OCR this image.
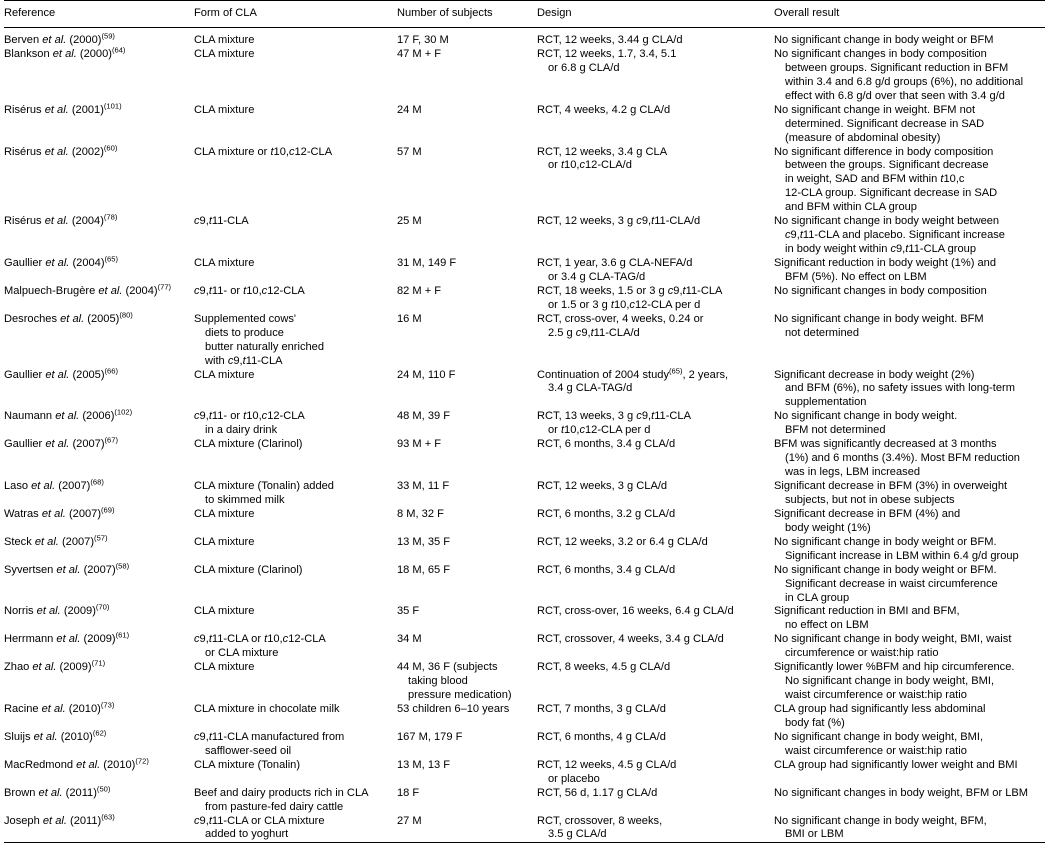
Reference	Form of CLA	Number of subjects	Design	Overall result

Berven et al. $(2000)^{(59)}$	CLA mixture	17 F, 30 M	RCT, 12 weeks, 3.44 g CLA/d	No significant change in body weight or BFM

Blankson et al. $(2000)^{(64)}$	CLA mixture	47 M + F	RCT, 12 weeks, 1.7, 3.4, 5.1
or 6.8 g CLA/d	No significant changes in body composition
between groups. Significant reduction in BFM
within 3.4 and 6.8 g/d groups (6%), no additional
effect with 6.8 g/d over that seen with 3.4 g/d

Risérus et al. $(2001)^{(101)}$	CLA mixture	24 M	RCT, 4 weeks, 4.2 g CLA/d	No significant change in weight. BFM not
determined. Significant decrease in SAD
(measure of abdominal obesity)

Risérus et al. $(2002)^{(60)}$	CLA mixture or t10,c12-CLA	57 M	RCT, 12 weeks, 3.4 g CLA
or t10,c12-CLA/d	No significant difference in body composition
between the groups. Significant decrease
in weight, SAD and BFM within t10,c
12-CLA group. Significant decrease in SAD
and BFM within CLA group

Risérus et al. $(2004)^{(78)}$	c9,t11-CLA	25 M	RCT, 12 weeks, 3 g c9,t11-CLA/d	No significant change in body weight between
c9,t11-CLA and placebo. Significant increase
in body weight within c9,t11-CLA group

Gaullier et al. $(2004)^{(65)}$	CLA mixture	31 M, 149 F	RCT, 1 year, 3.6 g CLA-NEFA/d
or 3.4 g CLA-TAG/d	Significant reduction in body weight (1%) and
BFM (5%). No effect on LBM

Malpuech-Brugère et al. $(2004)^{(77)}$	c9,t11- or t10,c12-CLA	82 M + F	RCT, 18 weeks, 1.5 or 3 g c9,t11-CLA
or 1.5 or 3 g t10,c12-CLA per d	No significant changes in body composition

Desroches et al. $(2005)^{(80)}$	Supplemented cows'
diets to produce
butter naturally enriched
with c9,t11-CLA	16 M	RCT, cross-over, 4 weeks, 0.24 or
2.5 g c9,t11-CLA/d	No significant change in body weight. BFM
not determined

Gaullier et al. $(2005)^{(66)}$	CLA mixture	24 M, 110 F	Continuation of 2004 study$^{(65)}$, 2 years,
3.4 g CLA-TAG/d	Significant decrease in body weight (2%)
and BFM (6%), no safety issues with long-term
supplementation

Naumann et al. $(2006)^{(102)}$	c9,t11- or t10,c12-CLA
in a dairy drink	48 M, 39 F	RCT, 13 weeks, 3 g c9,t11-CLA
or t10,c12-CLA per d	No significant change in body weight.
BFM not determined

Gaullier et al. $(2007)^{(67)}$	CLA mixture (Clarinol)	93 M + F	RCT, 6 months, 3.4 g CLA/d	BFM was significantly decreased at 3 months
(1%) and 6 months (3.4%). Most BFM reduction
was in legs, LBM increased

Laso et al. $(2007)^{(68)}$	CLA mixture (Tonalin) added
to skimmed milk	33 M, 11 F	RCT, 12 weeks, 3 g CLA/d	Significant decrease in BFM (3%) in overweight
subjects, but not in obese subjects

Watras et al. $(2007)^{(69)}$	CLA mixture	8 M, 32 F	RCT, 6 months, 3.2 g CLA/d	Significant decrease in BFM (4%) and
body weight (1%)

Steck et al. $(2007)^{(57)}$	CLA mixture	13 M, 35 F	RCT, 12 weeks, 3.2 or 6.4 g CLA/d	No significant change in body weight or BFM.
Significant increase in LBM within 6.4 g/d group

Syvertsen et al. $(2007)^{(58)}$	CLA mixture (Clarinol)	18 M, 65 F	RCT, 6 months, 3.4 g CLA/d	No significant change in body weight or BFM.
Significant decrease in waist circumference
in CLA group

Norris et al. $(2009)^{(70)}$	CLA mixture	35 F	RCT, cross-over, 16 weeks, 6.4 g CLA/d	Significant reduction in BMI and BFM,
no effect on LBM

Herrmann et al. $(2009)^{(61)}$	c9,t11-CLA or t10,c12-CLA
or CLA mixture	34 M	RCT, crossover, 4 weeks, 3.4 g CLA/d	No significant change in body weight, BMI, waist
circumference or waist:hip ratio

Zhao et al. $(2009)^{(71)}$	CLA mixture	44 M, 36 F (subjects
taking blood
pressure medication)	RCT, 8 weeks, 4.5 g CLA/d	Significantly lower %BFM and hip circumference.
No significant change in body weight, BMI,
waist circumference or waist:hip ratio

Racine et al. $(2010)^{(73)}$	CLA mixture in chocolate milk	53 children 6–10 years	RCT, 7 months, 3 g CLA/d	CLA group had significantly less abdominal
body fat (%)

Sluijs et al. $(2010)^{(62)}$	c9,t11-CLA manufactured from
safflower-seed oil	167 M, 179 F	RCT, 6 months, 4 g CLA/d	No significant change in body weight, BMI,
waist circumference or waist:hip ratio

MacRedmond et al. $(2010)^{(72)}$	CLA mixture (Tonalin)	13 M, 13 F	RCT, 12 weeks, 4.5 g CLA/d
or placebo	CLA group had significantly lower weight and BMI

Brown et al. $(2011)^{(50)}$	Beef and dairy products rich in CLA
from pasture-fed dairy cattle	18 F	RCT, 56 d, 1.17 g CLA/d	No significant changes in body weight, BFM or LBM

Joseph et al. $(2011)^{(63)}$	c9,t11-CLA or CLA mixture
added to yoghurt	27 M	RCT, crossover, 8 weeks,
3.5 g CLA/d	No significant change in body weight, BFM,
BMI or LBM
